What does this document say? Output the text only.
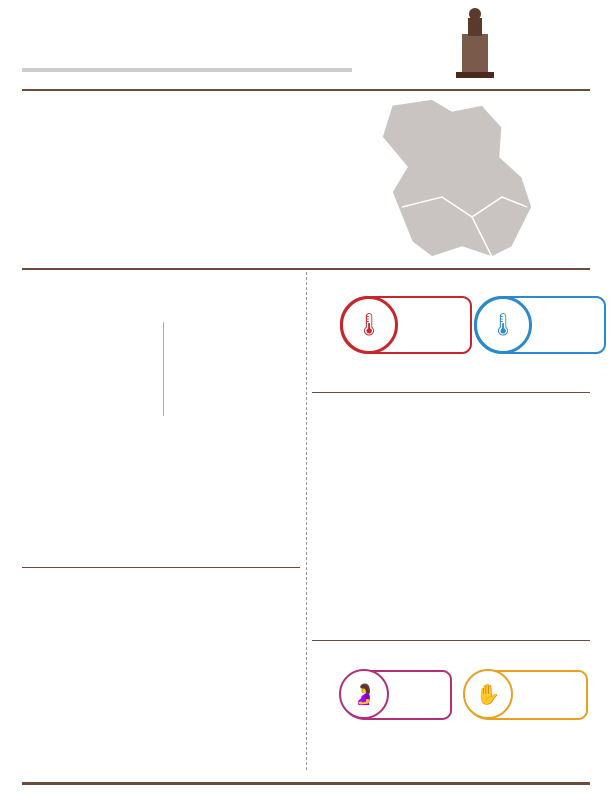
🌡	🌡
🤰	✋
